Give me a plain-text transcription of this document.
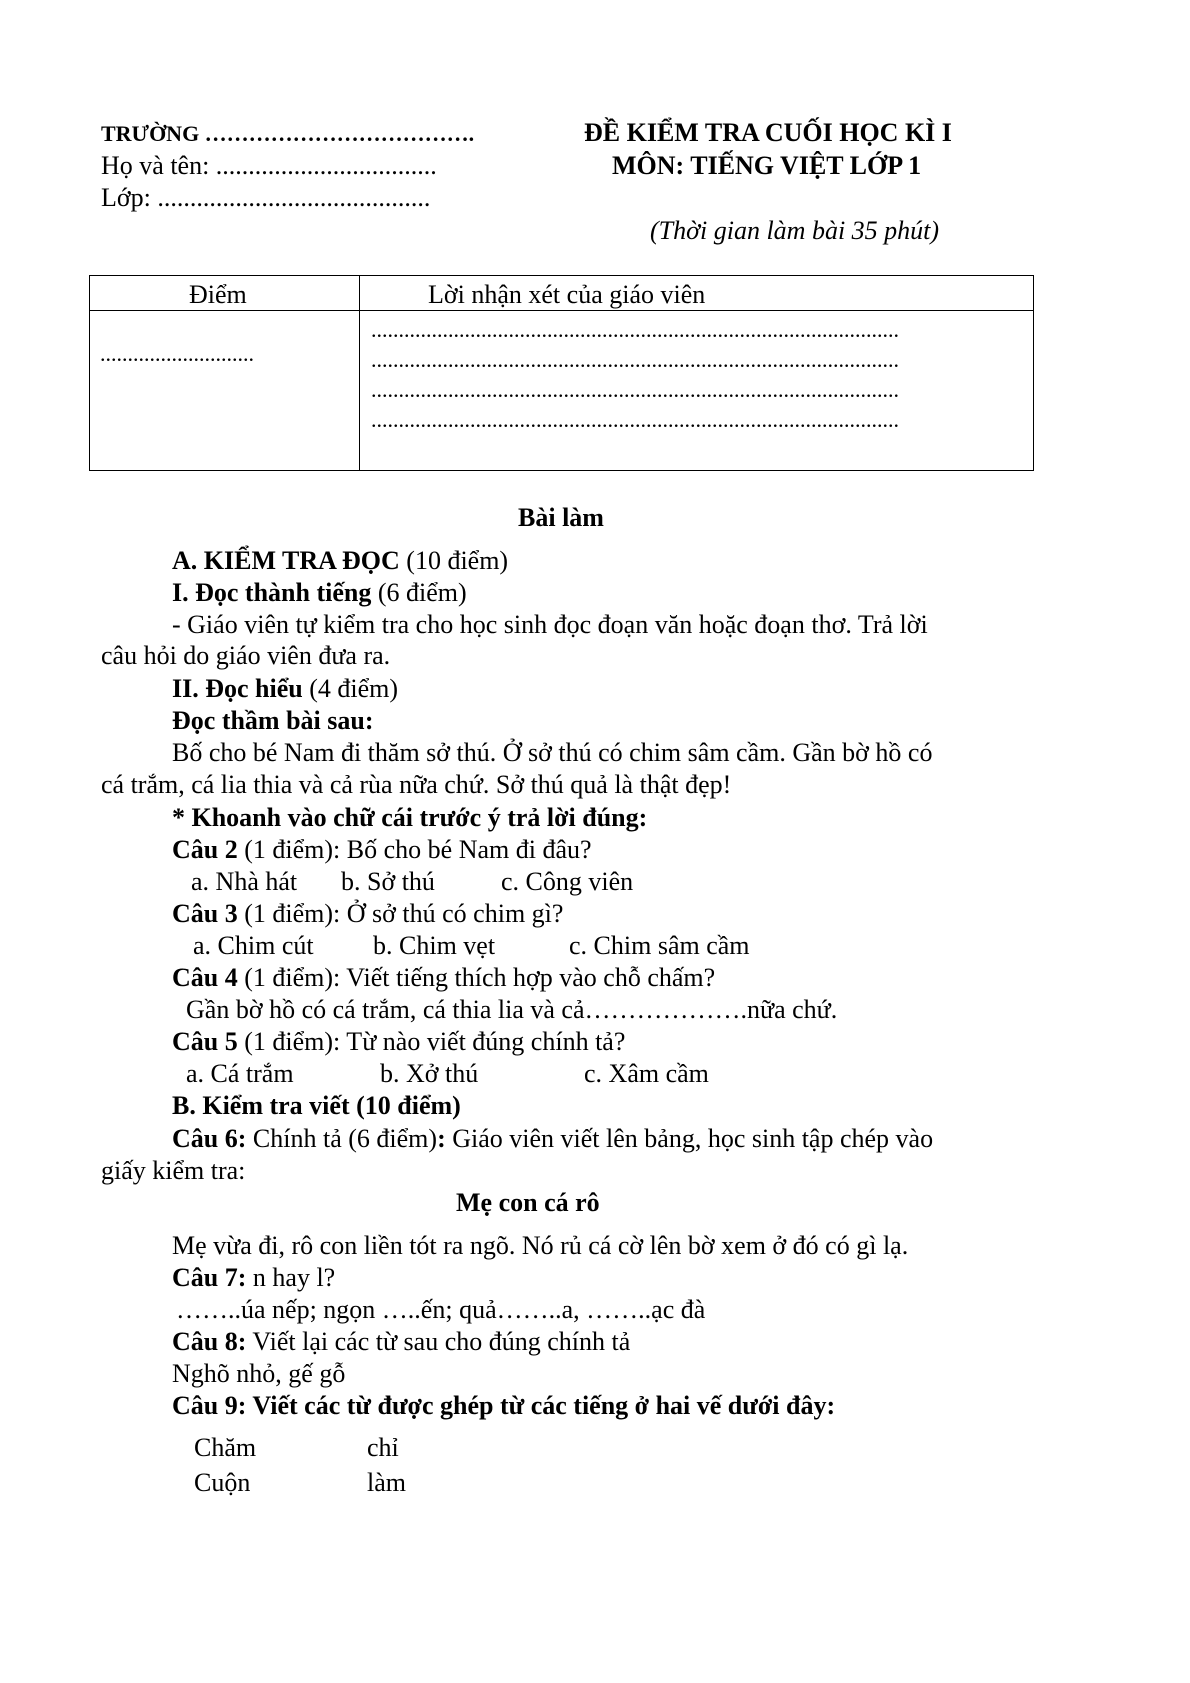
TRƯỜNG ……………………………….
Họ và tên: ..................................
Lớp: ..........................................
ĐỀ KIỂM TRA CUỐI HỌC KÌ I
MÔN: TIẾNG VIỆT LỚP 1
(Thời gian làm bài 35 phút)
Điểm	Lời nhận xét của giáo viên

............................	................................................................................................
................................................................................................
................................................................................................
................................................................................................
Bài làm
A. KIỂM TRA ĐỌC (10 điểm)
I. Đọc thành tiếng (6 điểm)
- Giáo viên tự kiểm tra cho học sinh đọc đoạn văn hoặc đoạn thơ. Trả lời
câu hỏi do giáo viên đưa ra.
II. Đọc hiểu (4 điểm)
Đọc thầm bài sau:
Bố cho bé Nam đi thăm sở thú. Ở sở thú có chim sâm cầm. Gần bờ hồ có
cá trắm, cá lia thia và cả rùa nữa chứ. Sở thú quả là thật đẹp!
* Khoanh vào chữ cái trước ý trả lời đúng:
Câu 2 (1 điểm): Bố cho bé Nam đi đâu?
a. Nhà hát b. Sở thú	c. Công viên
Câu 3 (1 điểm): Ở sở thú có chim gì?
a. Chim cút b. Chim vẹt	c. Chim sâm cầm
Câu 4 (1 điểm): Viết tiếng thích hợp vào chỗ chấm?
Gần bờ hồ có cá trắm, cá thia lia và cả……………….nữa chứ.
Câu 5 (1 điểm): Từ nào viết đúng chính tả?
a. Cá trắm	b. Xở thú	c. Xâm cầm
B. Kiểm tra viết (10 điểm)
Câu 6: Chính tả (6 điểm): Giáo viên viết lên bảng, học sinh tập chép vào
giấy kiểm tra:
Mẹ con cá rô
Mẹ vừa đi, rô con liền tót ra ngõ. Nó rủ cá cờ lên bờ xem ở đó có gì lạ.
Câu 7: n hay l?
……..úa nếp; ngọn …..ến; quả……..a, ……..ạc đà
Câu 8: Viết lại các từ sau cho đúng chính tả
Nghõ nhỏ, gế gỗ
Câu 9: Viết các từ được ghép từ các tiếng ở hai vế dưới đây:
Chăm	chỉ
Cuộn	làm
